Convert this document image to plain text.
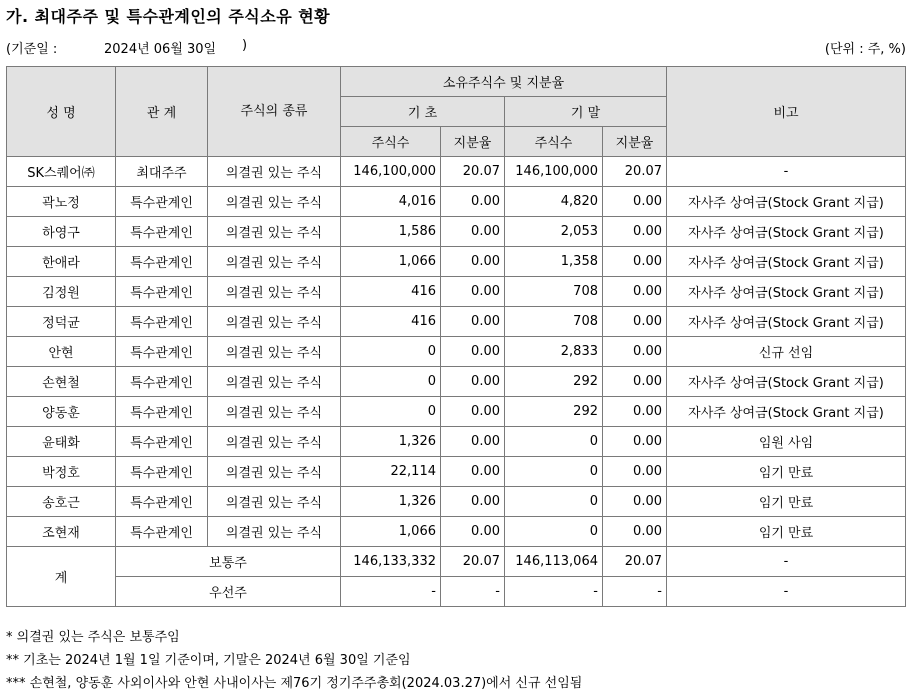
가. 최대주주 및 특수관계인의 주식소유 현황
(기준일 :	2024년 06월 30일 )	(단위 : 주, %)
성 명	관 계	주식의 종류	소유주식수 및 지분율				비고
			기 초		기 말		
			주식수	지분율	주식수	지분율	
SK스퀘어㈜	최대주주	의결권 있는 주식	146,100,000	20.07	146,100,000	20.07	-
곽노정	특수관계인	의결권 있는 주식	4,016	0.00	4,820	0.00	자사주 상여금(Stock Grant 지급)
하영구	특수관계인	의결권 있는 주식	1,586	0.00	2,053	0.00	자사주 상여금(Stock Grant 지급)
한애라	특수관계인	의결권 있는 주식	1,066	0.00	1,358	0.00	자사주 상여금(Stock Grant 지급)
김정원	특수관계인	의결권 있는 주식	416	0.00	708	0.00	자사주 상여금(Stock Grant 지급)
정덕균	특수관계인	의결권 있는 주식	416	0.00	708	0.00	자사주 상여금(Stock Grant 지급)
안현	특수관계인	의결권 있는 주식	0	0.00	2,833	0.00	신규 선임
손현철	특수관계인	의결권 있는 주식	0	0.00	292	0.00	자사주 상여금(Stock Grant 지급)
양동훈	특수관계인	의결권 있는 주식	0	0.00	292	0.00	자사주 상여금(Stock Grant 지급)
윤태화	특수관계인	의결권 있는 주식	1,326	0.00	0	0.00	임원 사임
박정호	특수관계인	의결권 있는 주식	22,114	0.00	0	0.00	임기 만료
송호근	특수관계인	의결권 있는 주식	1,326	0.00	0	0.00	임기 만료
조현재	특수관계인	의결권 있는 주식	1,066	0.00	0	0.00	임기 만료
계	보통주		146,133,332	20.07	146,113,064	20.07	-
	우선주		-	-	-	-	-
* 의결권 있는 주식은 보통주임
** 기초는 2024년 1월 1일 기준이며, 기말은 2024년 6월 30일 기준임
*** 손현철, 양동훈 사외이사와 안현 사내이사는 제76기 정기주주총회(2024.03.27)에서 신규 선임됨
